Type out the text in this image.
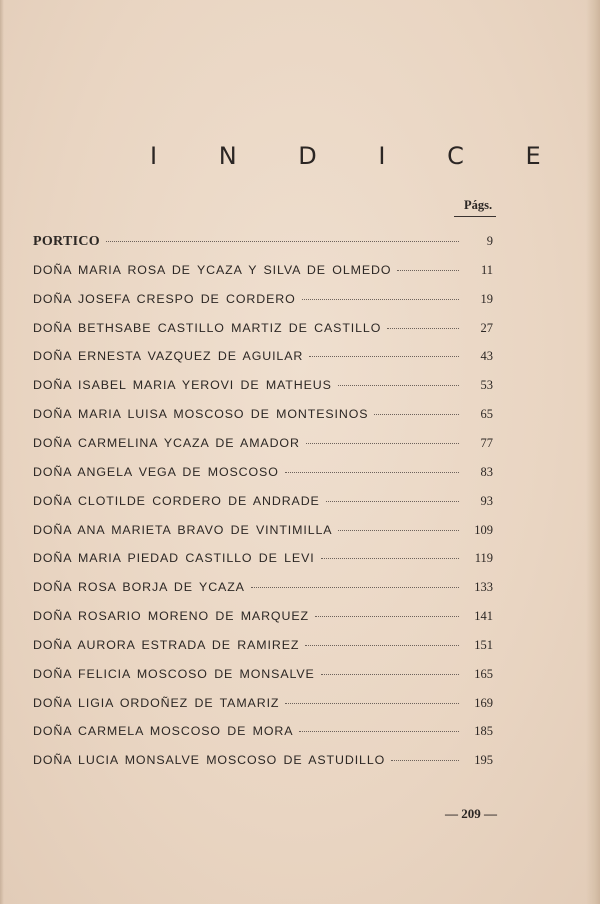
I N D I C E
Págs.
PORTICO	9
DOÑA MARIA ROSA DE YCAZA Y SILVA DE OLMEDO	11
DOÑA JOSEFA CRESPO DE CORDERO	19
DOÑA BETHSABE CASTILLO MARTIZ DE CASTILLO	27
DOÑA ERNESTA VAZQUEZ DE AGUILAR	43
DOÑA ISABEL MARIA YEROVI DE MATHEUS	53
DOÑA MARIA LUISA MOSCOSO DE MONTESINOS	65
DOÑA CARMELINA YCAZA DE AMADOR	77
DOÑA ANGELA VEGA DE MOSCOSO	83
DOÑA CLOTILDE CORDERO DE ANDRADE	93
DOÑA ANA MARIETA BRAVO DE VINTIMILLA	109
DOÑA MARIA PIEDAD CASTILLO DE LEVI	119
DOÑA ROSA BORJA DE YCAZA	133
DOÑA ROSARIO MORENO DE MARQUEZ	141
DOÑA AURORA ESTRADA DE RAMIREZ	151
DOÑA FELICIA MOSCOSO DE MONSALVE	165
DOÑA LIGIA ORDOÑEZ DE TAMARIZ	169
DOÑA CARMELA MOSCOSO DE MORA	185
DOÑA LUCIA MONSALVE MOSCOSO DE ASTUDILLO	195
— 209 —
